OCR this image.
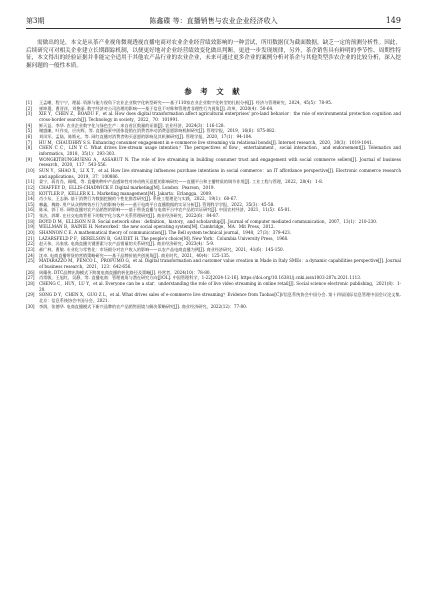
第3期	陈鑫碟 等：直播销售与农业企业经济收入	149

需做出的是，本文是从茶产业视角微观透视直播电商对农业企业经营绩效影响的一种尝试，所用数据仅为截面数据，缺乏一定的预测分析性。因此，后续研究可对相关企业建立长期跟踪机制，以便更好地对企业经营绩效变化做出判断，更进一步发现规律，另外，茶企销售具有鲜明的季节性、周期性特征，本文得出的经验证据并非能完全适用于其他农产品行业的农业企业，未来可通过更多企业的案例分析对茶企与其他类型涉农企业的比较分析，深入挖掘问题的一般性本质。

参 考 文 献
[1] 王孟晰，程宁宁，理磊. 资源与能力视角下农业企业数字化转型研究——基于110家农业企业数字化转型的扎根分析[J]. 经济与管理研究，2024，45(5)：78-95.
[2] 崔坤璟，曹晋祥，刘艳丽. 数字经济对公司治理的影响——基于信息不对称和管理者非理性行为视角[J]. 改革，2020(4)：50-64.
[3] XIE Y，CHEN Z，BOADU F，et al. How does digital transformation affect agricultural enterprises' pro-land behavior：the role of environmental protection cognition and cross-border search[J]. Technology in society，2022，70：101991.
[4] 鲜天益，李华. 农业企业数字化与绿色生产：来自省区数量的证据[J]. 农业经济，2024(3)：116-128.
[5] 谢盛廉，叶作亮，应庆辉，等. 直播场景中团体促销在消费者冲动消费意愿影响机制研究[J]. 管理学报，2019，16(6)：875-882.
[6] 刘凤军，孟陆，陈斯允，等. 网红直播对消费者购买意愿的影响及其机制研究[J]. 管理学报，2020，17(1)：94-104.
[7] HU M，CHAUDHRY S S. Enhancing consumer engagement in e-commerce live streaming via relational bonds[J]. Internet research，2020，30(3)：1019-1041.
[8] CHEN C C，LIN Y C. What drives live-stream usage intention？The perspectives of flow，entertainment，social interaction，and endorsement[J]. Telematics and informatics，2018，35(1)：293-303.
[9] WONGKITRUNGRUENG A，ASSARUT N. The role of live streaming in building consumer trust and engagement with social commerce sellers[J]. Journal of business research，2020，117：543-556.
[10] SUN Y，SHAO X，LI X T，et al. How live streaming influences purchase intentions in social commerce：an IT affordance perspective[J]. Electronic commerce research and applications，2019，37：100886.
[11] 姜宁，蒋肖肖，顾晴，等. 直播购物中产品感知性对冲动购买意愿的影响研究——直播平台和主播特质的调节作用[J]. 工业工程与管理，2022，28(4)：1-8.
[12] CHAFFEY D，ELLIS-CHADWICK F. Digital marketing[M]. London：Pearson，2019.
[13] KOTTLER P，KELLER K L. Marketing management[M]. Jakarta：Erlangga，2009.
[14] 肖小东，王志新. 基于消费行为数据挖掘的个性化推荐研究[J]. 系统工程理论与实践，2022，19(1)：60-67.
[15] 棘鑫，梅路. 用户从众购物效应行为的影响分析——基于电商平台直播数据的实证分析[J]. 管理科学学报，2022，35(3)：45-58.
[16] 陈承，郭丁旺. 网络直播对农产品销售的影响——基于带货直播与电商平台中农产品的实证研究[J]. 中国农村经济，2021，11(5)：65-81.
[17] 张洁，郭斯. 在社交电商背景下的数字化与客户关系管理研究[J]. 商业经济研究，2022(6)：84-87.
[18] BOYD D M，ELLISON N B. Social network sites：definition，history，and scholarship[J]. Journal of computer mediated communication，2007，13(1)：210-230.
[19] WELLMAN B，RAINIE H. Networked：the new social operating system[M]. Cambridge，MA：Mit Press，2012.
[20] SHANNON C E. A mathematical theory of communication[J]. The Bell system technical journal，1948，27(3)：379-423.
[21] LAZARSFELD P F，BERELSON B，GAUDET H. The people's choice[M]. New York：Columbia University Press，1968.
[22] 赵天伟，冯家欣. 电商直播关键要素与农产品销量的关系研究[J]. 商业经济研究，2023(4)：5-9.
[23] 郝广林，曹敏. 专业化与零售化：市场细分对农户收入的影响——以农产品电商直播为例[J]. 商业经济研究，2021，41(6)：145-150.
[24] 沈卓. 电商直播带货的营销策略研究——基于品牌价值共创视角[J]. 商业时代，2021，40(4)：125-135.
[25] MATARAZZO M，PENCO L，PROFUMO G，et al. Digital transformation and customer value creation in Made in Italy SMEs：a dynamic capabilities perspective[J]. Journal of business research，2021，123：642-656.
[26] 周耀侠. DTC品牌出海模式下跨境电商直播的转化路径及策略[J]. 经营者，2024(10)：78-80.
[27] 肖常敏，王旭红，吴静，等. 直播电商：管理视角与潜在研究方向[J/OL]. 中国管理科学，1-22[2024-12-16]. https://doi.org/10.16381/j.cnki.issn1003-207x.2021.1113.
[28] CHENG C，HUY，LU Y，et al. Everyone can be a star：understanding the role of live video streaming in online retail[J]. Social science electronic publishing，2021(8)：1-20.
[29] SONG D Y，CHEN X，GUO Z L，et al. What drives sales of e-commerce live streaming？Evidence from Taobao[C]//信息系统协会中国分会. 第十四届国际信息管理中国会议论文集. 北京：信息系统协会中国分会，2021.
[30] 李润，张德华. 电商直播模式下新兴品牌的农产品销售困境与解决策略研究[J]. 商业经济研究，2022(12)：77-80.
